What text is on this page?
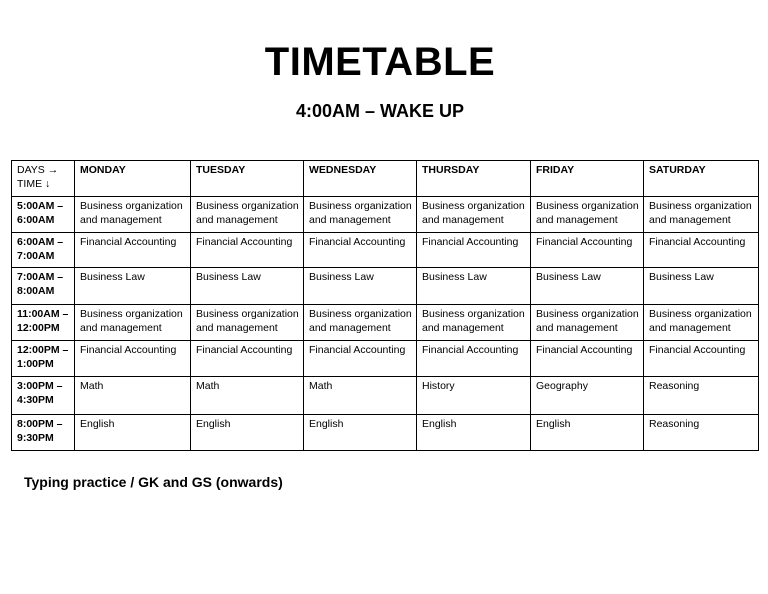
TIMETABLE
4:00AM – WAKE UP
DAYS →
TIME ↓	MONDAY	TUESDAY	WEDNESDAY	THURSDAY	FRIDAY	SATURDAY
5:00AM –
6:00AM	Business organization and management	Business organization and management	Business organization and management	Business organization and management	Business organization and management	Business organization and management
6:00AM –
7:00AM	Financial Accounting	Financial Accounting	Financial Accounting	Financial Accounting	Financial Accounting	Financial Accounting
7:00AM –
8:00AM	Business Law	Business Law	Business Law	Business Law	Business Law	Business Law
11:00AM –
12:00PM	Business organization and management	Business organization and management	Business organization and management	Business organization and management	Business organization and management	Business organization and management
12:00PM –
1:00PM	Financial Accounting	Financial Accounting	Financial Accounting	Financial Accounting	Financial Accounting	Financial Accounting
3:00PM –
4:30PM	Math	Math	Math	History	Geography	Reasoning
8:00PM –
9:30PM	English	English	English	English	English	Reasoning
Typing practice / GK and GS (onwards)
